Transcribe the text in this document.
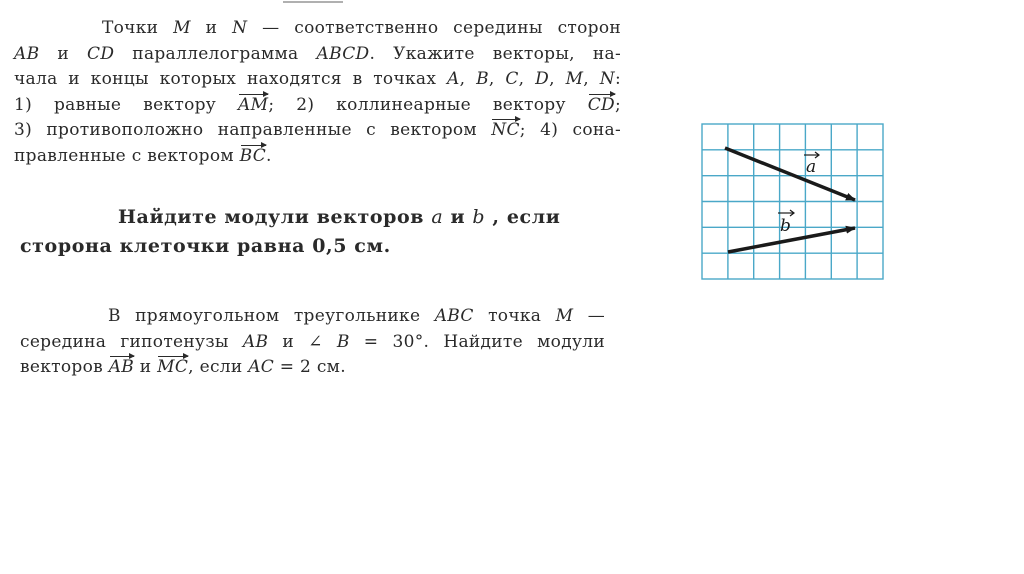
Точки M и N — соответственно середины сторон
AB и CD параллелограмма ABCD. Укажите векторы, на-
чала и концы которых находятся в точках A, B, C, D, M, N:
1) равные вектору AM; 2) коллинеарные вектору CD;
3) противоположно направленные с вектором NC; 4) сона-
правленные с вектором BC.
Найдите модули векторов a и b , если
сторона клеточки равна 0,5 см.
В прямоугольном треугольнике ABC точка M —
середина гипотенузы AB и ∠ B = 30°. Найдите модули
векторов AB и MC, если AC = 2 см.
a
b
